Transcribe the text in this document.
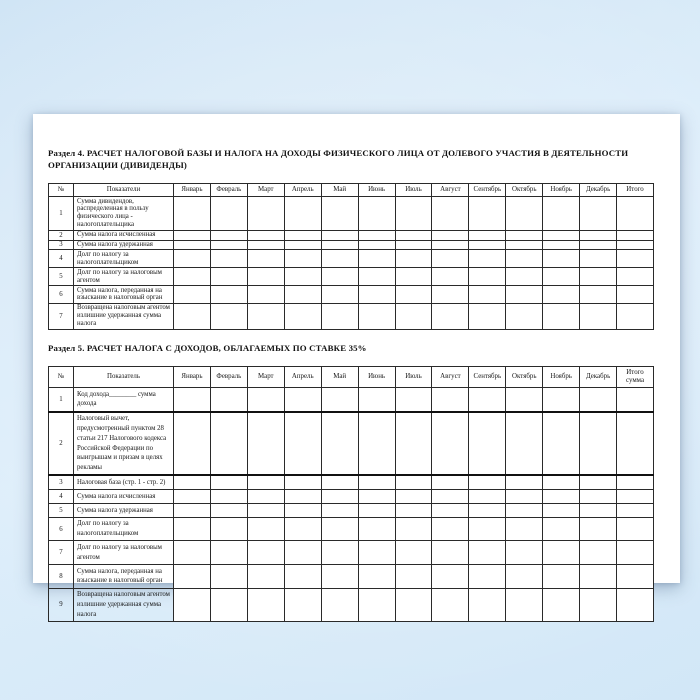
Раздел 4. РАСЧЕТ НАЛОГОВОЙ БАЗЫ И НАЛОГА НА ДОХОДЫ ФИЗИЧЕСКОГО ЛИЦА ОТ ДОЛЕВОГО УЧАСТИЯ В ДЕЯТЕЛЬНОСТИ
ОРГАНИЗАЦИИ (ДИВИДЕНДЫ)
№	Показатели	Январь	Февраль	Март	Апрель	Май	Июнь	Июль	Август	Сентябрь	Октябрь	Ноябрь	Декабрь	Итого
1	Сумма дивидендов, распределенная в пользу физического лица - налогоплательщика													
2	Сумма налога исчисленная													
3	Сумма налога удержанная													
4	Долг по налогу за налогоплательщиком													
5	Долг по налогу за налоговым агентом													
6	Сумма налога, переданная на взыскание в налоговый орган													
7	Возвращена налоговым агентом излишние удержанная сумма налога													
Раздел 5. РАСЧЕТ НАЛОГА С ДОХОДОВ, ОБЛАГАЕМЫХ ПО СТАВКЕ 35%
№	Показатель	Январь	Февраль	Март	Апрель	Май	Июнь	Июль	Август	Сентябрь	Октябрь	Ноябрь	Декабрь	Итого сумма
1	Код дохода________ сумма дохода													
2	Налоговый вычет, предусмотренный пунктом 28 статьи 217 Налогового кодекса Российской Федерации по выигрышам и призам в целях рекламы													
3	Налоговая база (стр. 1 - стр. 2)													
4	Сумма налога исчисленная													
5	Сумма налога удержанная													
6	Долг по налогу за налогоплательщиком													
7	Долг по налогу за налоговым агентом													
8	Сумма налога, переданная на взыскание в налоговый орган													
9	Возвращена налоговым агентом излишние удержанная сумма налога													
